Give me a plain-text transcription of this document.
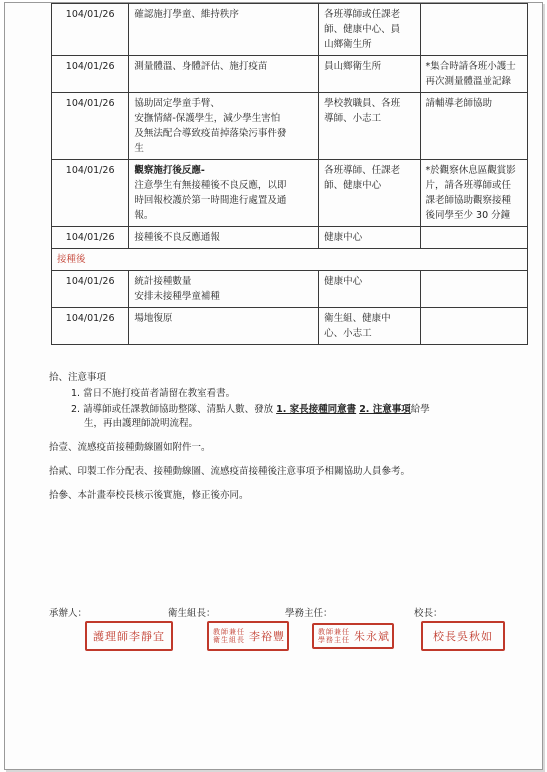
104/01/26	確認施打學童、維持秩序	各班導師或任課老
師、健康中心、員
山鄉衛生所	

104/01/26	測量體溫、身體評估、施打疫苗	員山鄉衛生所	*集合時請各班小護士
再次測量體溫並記錄

104/01/26	協助固定學童手臂、
安撫情緒-保護學生，減少學生害怕
及無法配合導致疫苗掉落染污事件發
生	學校教職員、各班
導師、小志工	請輔導老師協助

104/01/26	觀察施打後反應-
注意學生有無接種後不良反應，以即
時回報校護於第一時間進行處置及通
報。	各班導師、任課老
師、健康中心	*於觀察休息區觀賞影
片，請各班導師或任
課老師協助觀察接種
後同學至少 30 分鐘

104/01/26	接種後不良反應通報	健康中心	

接種後			
104/01/26	統計接種數量
安排未接種學童補種	健康中心	

104/01/26	場地復原	衛生組、健康中
心、小志工	

拾、注意事項
1. 當日不施打疫苗者請留在教室看書。
2. 請導師或任課教師協助整隊、清點人數、發放 1. 家長接種同意書 2. 注意事項給學
生，再由護理師說明流程。
拾壹、流感疫苗接種動線圖如附件一。
拾貳、印製工作分配表、接種動線圖、流感疫苗接種後注意事項予相關協助人員參考。
拾參、本計畫奉校長核示後實施，修正後亦同。
承辦人：	衛生組長：	學務主任：	校長：
護理師李靜宜	教師兼任衛生組長 李裕豐	教師兼任學務主任 朱永斌	校長吳秋如
